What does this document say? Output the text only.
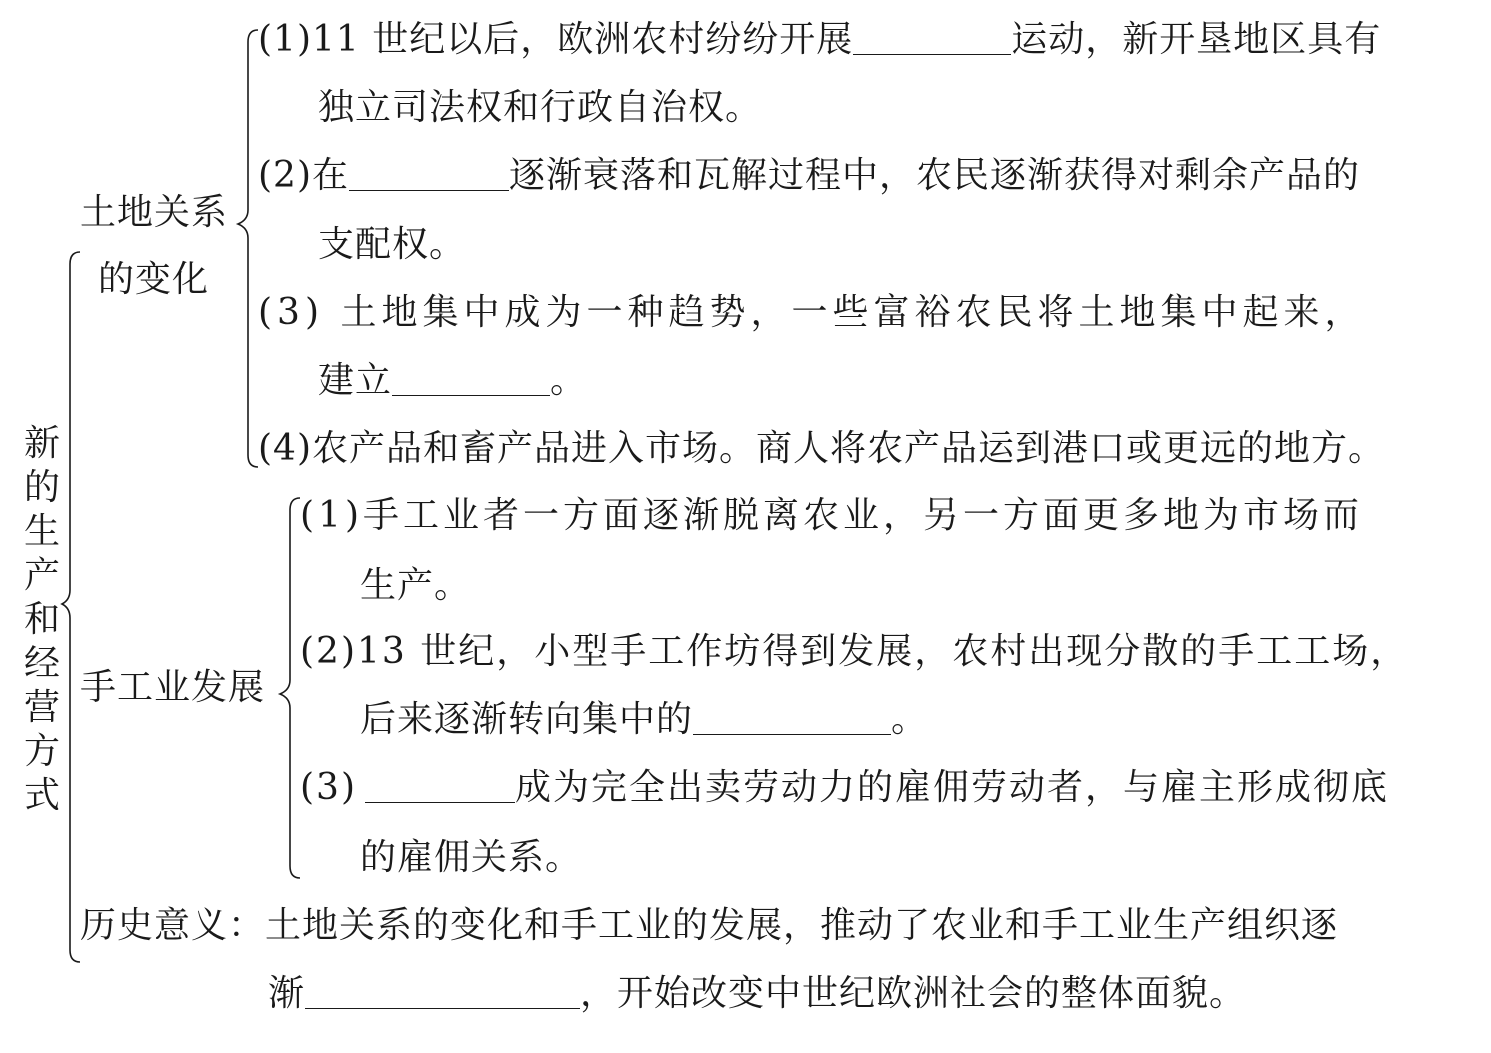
新
的
生
产
和
经
营
方
式
土地关系
的变化
(1)11 世纪以后，欧洲农村纷纷开展	运动，新开垦地区具有
独立司法权和行政自治权。
(2)在	逐渐衰落和瓦解过程中，农民逐渐获得对剩余产品的
支配权。
(3) 土地集中成为一种趋势，一些富裕农民将土地集中起来，
建立	。
(4)农产品和畜产品进入市场。商人将农产品运到港口或更远的地方。
手工业发展
(1)手工业者一方面逐渐脱离农业，另一方面更多地为市场而
生产。
(2)13 世纪，小型手工作坊得到发展，农村出现分散的手工工场，
后来逐渐转向集中的	。
(3)	成为完全出卖劳动力的雇佣劳动者，与雇主形成彻底
的雇佣关系。
历史意义：土地关系的变化和手工业的发展，推动了农业和手工业生产组织逐
渐	，开始改变中世纪欧洲社会的整体面貌。
